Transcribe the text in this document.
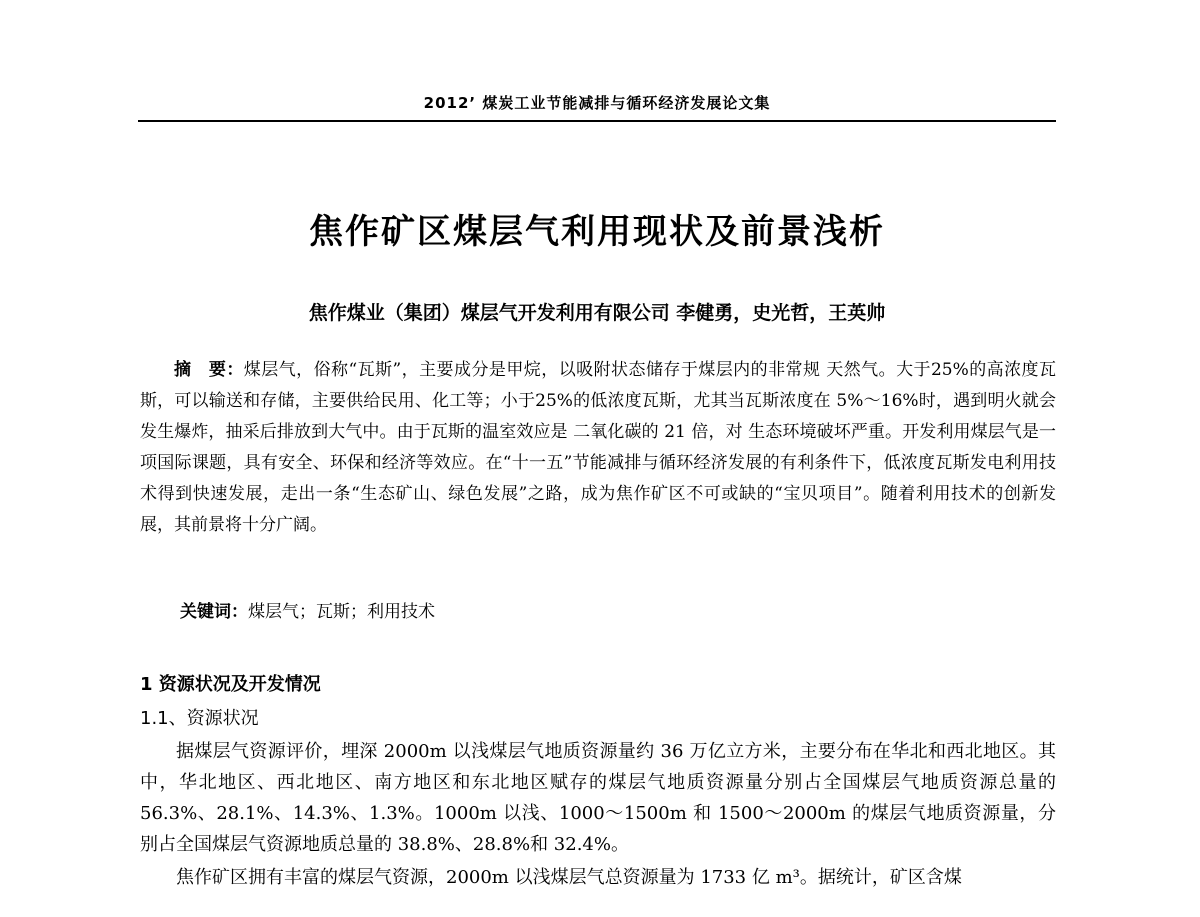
2012’ 煤炭工业节能减排与循环经济发展论文集
焦作矿区煤层气利用现状及前景浅析
焦作煤业（集团）煤层气开发利用有限公司 李健勇，史光哲，王英帅
摘　要：煤层气，俗称“瓦斯”，主要成分是甲烷，以吸附状态储存于煤层内的非常规 天然气。大于25%的高浓度瓦斯，可以输送和存储，主要供给民用、化工等；小于25%的低浓度瓦斯，尤其当瓦斯浓度在 5%～16%时，遇到明火就会发生爆炸，抽采后排放到大气中。由于瓦斯的温室效应是 二氧化碳的 21 倍，对 生态环境破坏严重。开发利用煤层气是一项国际课题，具有安全、环保和经济等效应。在“十一五”节能减排与循环经济发展的有利条件下，低浓度瓦斯发电利用技术得到快速发展，走出一条“生态矿山、绿色发展”之路，成为焦作矿区不可或缺的“宝贝项目”。随着利用技术的创新发展，其前景将十分广阔。
关键词：煤层气；瓦斯；利用技术
1 资源状况及开发情况
1.1、资源状况
据煤层气资源评价，埋深 2000m 以浅煤层气地质资源量约 36 万亿立方米，主要分布在华北和西北地区。其中，华北地区、西北地区、南方地区和东北地区赋存的煤层气地质资源量分别占全国煤层气地质资源总量的 56.3%、28.1%、14.3%、1.3%。1000m 以浅、1000～1500m 和 1500～2000m 的煤层气地质资源量，分别占全国煤层气资源地质总量的 38.8%、28.8%和 32.4%。
焦作矿区拥有丰富的煤层气资源，2000m 以浅煤层气总资源量为 1733 亿 m³。据统计，矿区含煤
